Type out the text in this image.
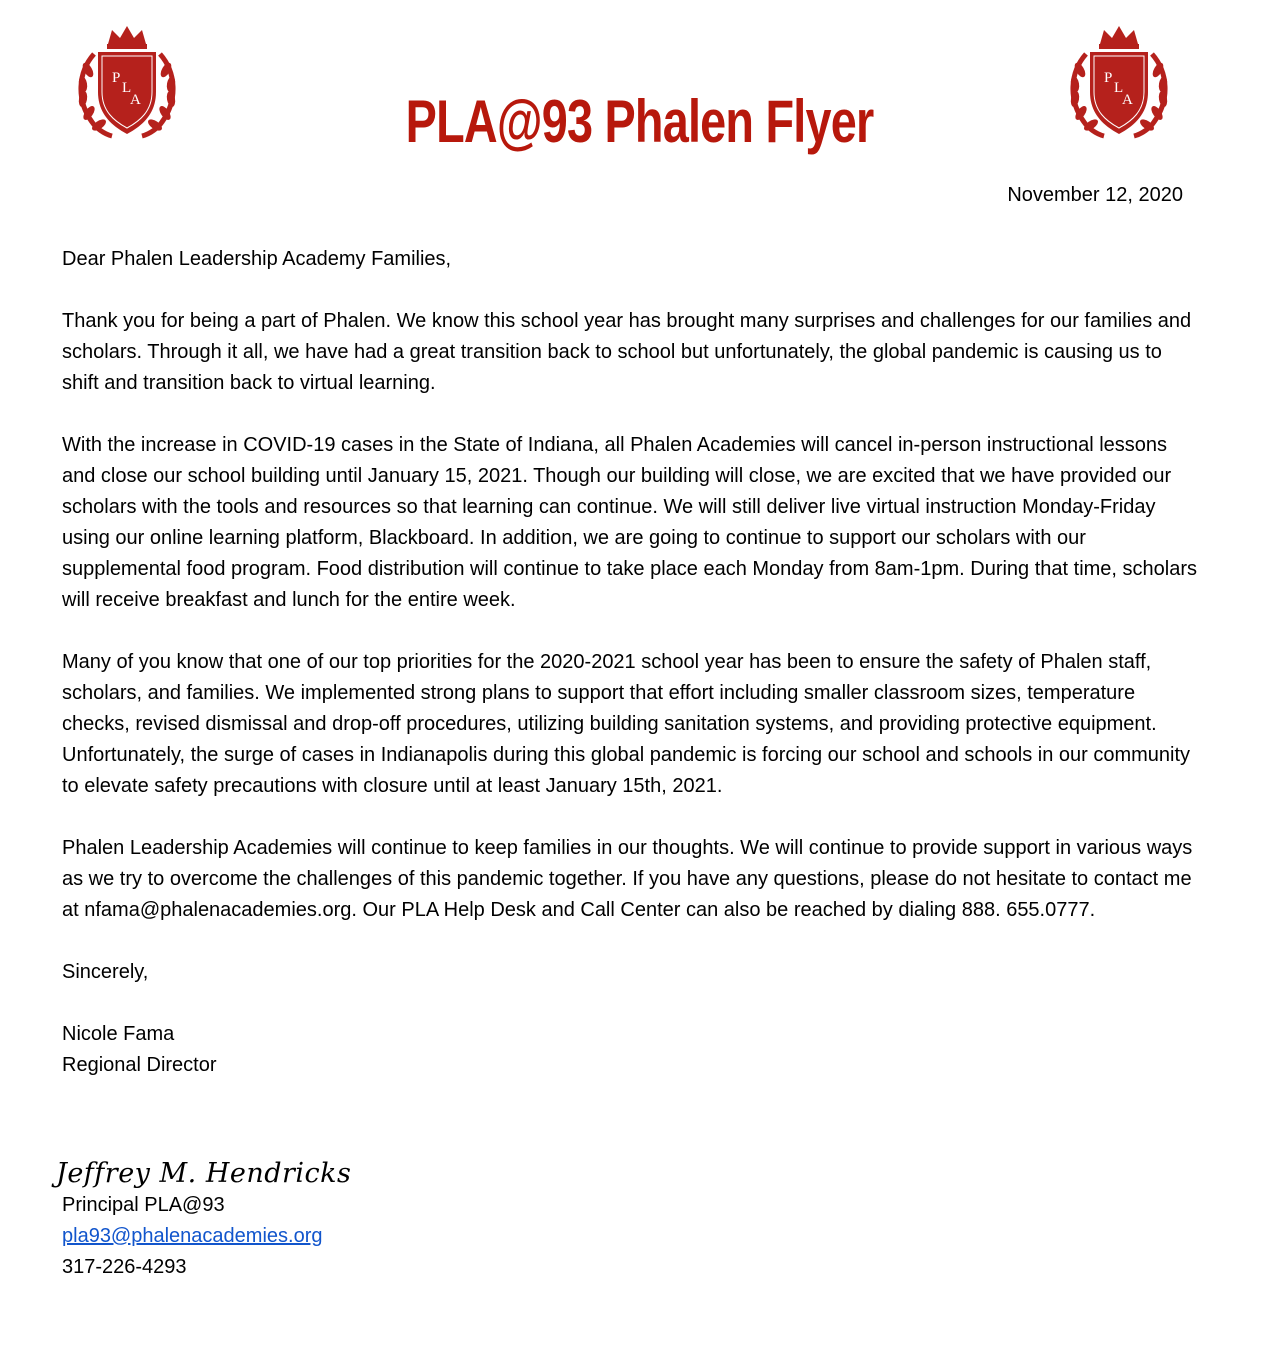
P
L
A
P
L
A
PLA@93 Phalen Flyer
November 12, 2020

Dear Phalen Leadership Academy Families,

Thank you for being a part of Phalen. We know this school year has brought many surprises and challenges for our families and scholars. Through it all, we have had a great transition back to school but unfortunately, the global pandemic is causing us to shift and transition back to virtual learning.

With the increase in COVID-19 cases in the State of Indiana, all Phalen Academies will cancel in-person instructional lessons and close our school building until January 15, 2021. Though our building will close, we are excited that we have provided our scholars with the tools and resources so that learning can continue. We will still deliver live virtual instruction Monday-Friday using our online learning platform, Blackboard. In addition, we are going to continue to support our scholars with our supplemental food program. Food distribution will continue to take place each Monday from 8am-1pm. During that time, scholars will receive breakfast and lunch for the entire week.

Many of you know that one of our top priorities for the 2020-2021 school year has been to ensure the safety of Phalen staff, scholars, and families. We implemented strong plans to support that effort including smaller classroom sizes, temperature checks, revised dismissal and drop-off procedures, utilizing building sanitation systems, and providing protective equipment. Unfortunately, the surge of cases in Indianapolis during this global pandemic is forcing our school and schools in our community to elevate safety precautions with closure until at least January 15th, 2021.

Phalen Leadership Academies will continue to keep families in our thoughts. We will continue to provide support in various ways as we try to overcome the challenges of this pandemic together. If you have any questions, please do not hesitate to contact me at nfama@phalenacademies.org. Our PLA Help Desk and Call Center can also be reached by dialing 888. 655.0777.

Sincerely,

Nicole Fama

Regional Director

Jeffrey M. Hendricks
Principal PLA@93
pla93@phalenacademies.org
317-226-4293
